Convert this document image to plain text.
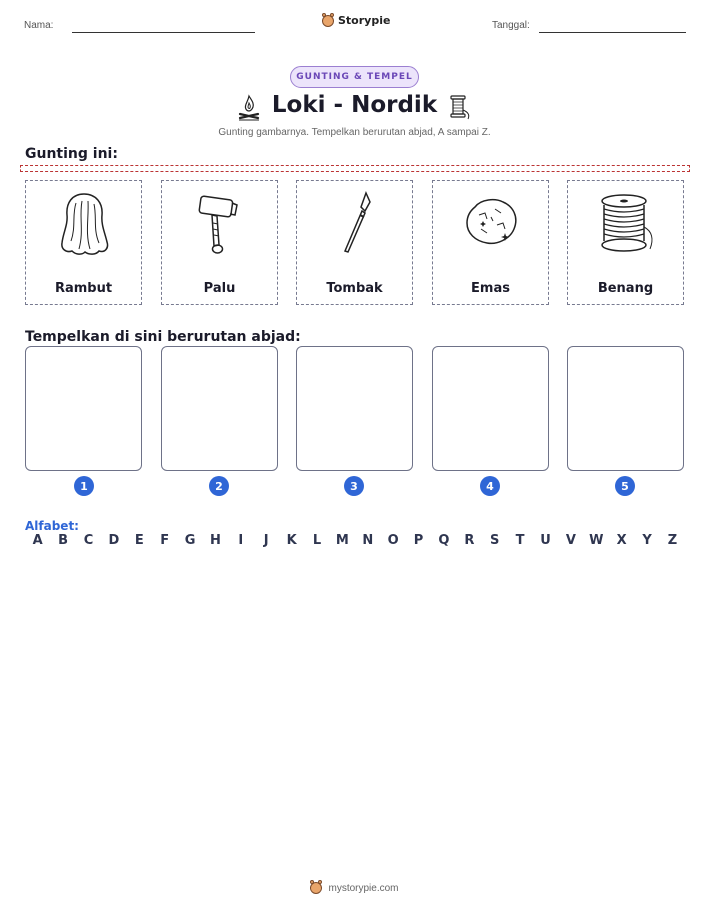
Nama:	Storypie	Tanggal:
GUNTING & TEMPEL
Loki - Nordik
Gunting gambarnya. Tempelkan berurutan abjad, A sampai Z.
Gunting ini:
Rambut	Palu	Tombak	Emas	Benang
Tempelkan di sini berurutan abjad:
1	2	3	4	5
Alfabet:
A	B	C	D	E	F	G	H	I	J	K	L	M	N	O	P	Q	R	S	T	U	V	W	X	Y	Z
mystorypie.com
